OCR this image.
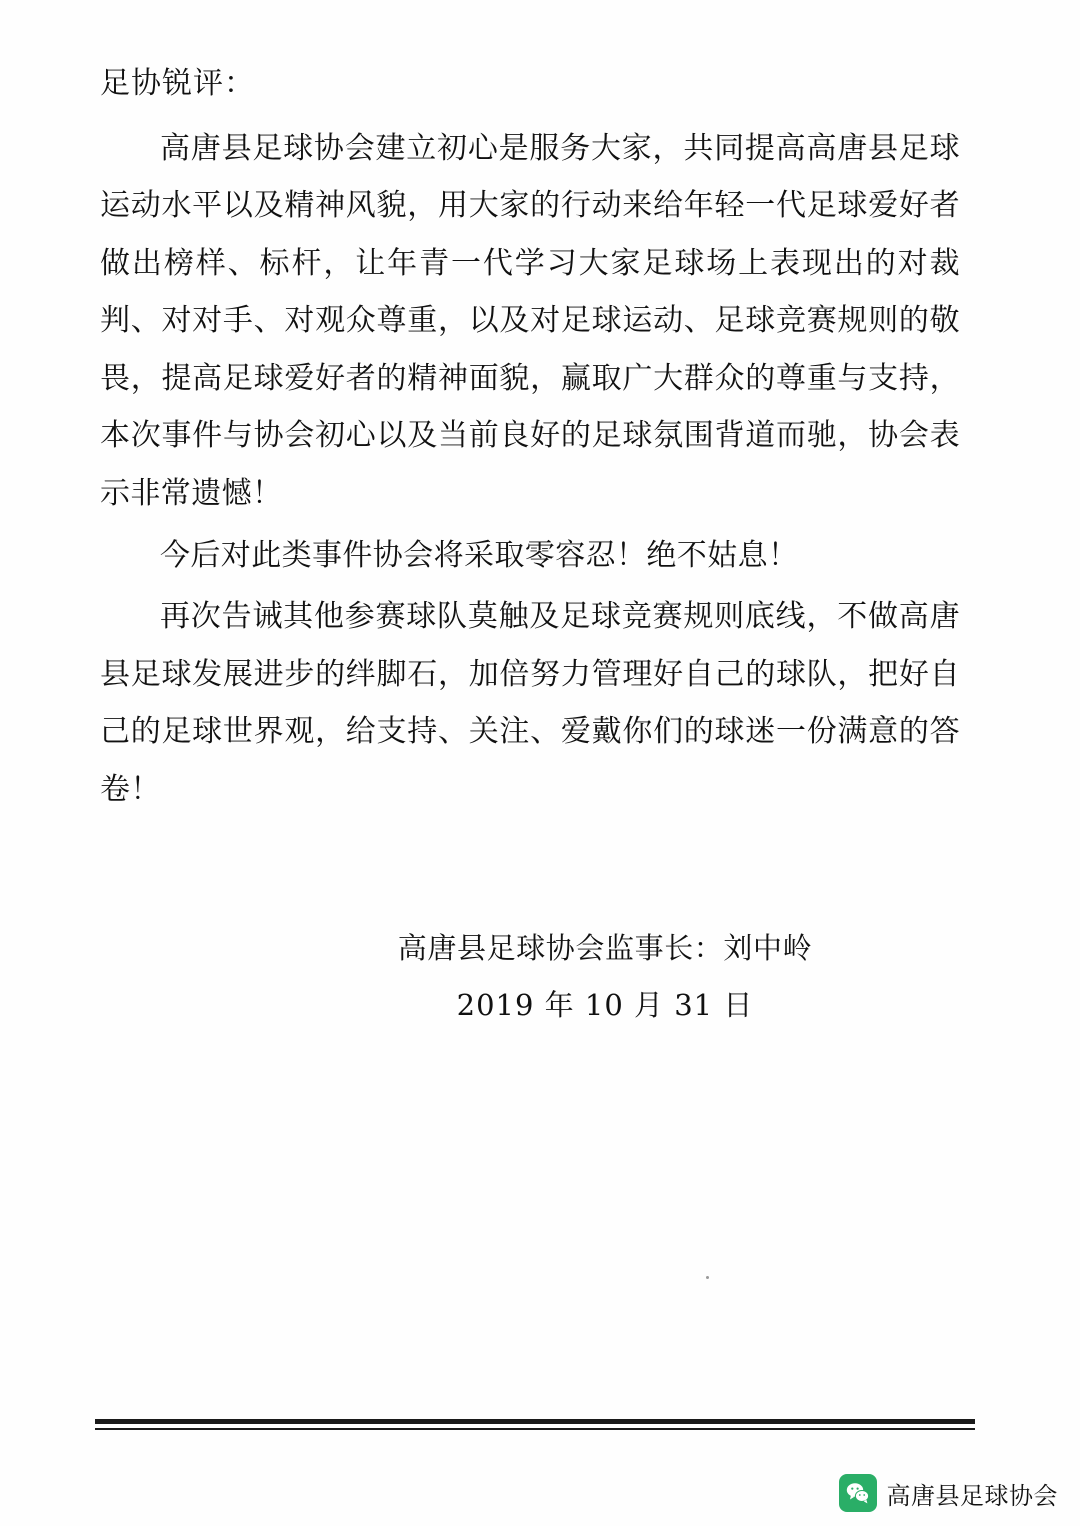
足协锐评：

高唐县足球协会建立初心是服务大家，共同提高高唐县足球运动水平以及精神风貌，用大家的行动来给年轻一代足球爱好者做出榜样、标杆，让年青一代学习大家足球场上表现出的对裁判、对对手、对观众尊重，以及对足球运动、足球竞赛规则的敬畏，提高足球爱好者的精神面貌，赢取广大群众的尊重与支持，本次事件与协会初心以及当前良好的足球氛围背道而驰，协会表示非常遗憾！

今后对此类事件协会将采取零容忍！绝不姑息！

再次告诫其他参赛球队莫触及足球竞赛规则底线，不做高唐县足球发展进步的绊脚石，加倍努力管理好自己的球队，把好自己的足球世界观，给支持、关注、爱戴你们的球迷一份满意的答卷！

高唐县足球协会监事长：刘中岭
2019 年 10 月 31 日
高唐县足球协会
